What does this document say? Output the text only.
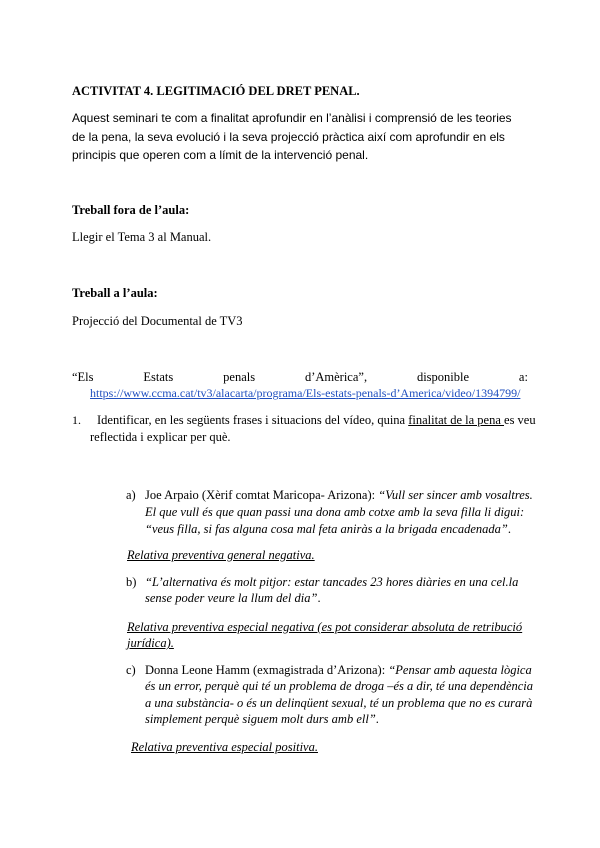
ACTIVITAT 4. LEGITIMACIÓ DEL DRET PENAL.
Aquest seminari te com a finalitat aprofundir en l’anàlisi i comprensió de les teories
de la pena, la seva evolució i la seva projecció pràctica així com aprofundir en els
principis que operen com a límit de la intervenció penal.
Treball fora de l’aula:
Llegir el Tema 3 al Manual.
Treball a l’aula:
Projecció del Documental de TV3
“Els	Estats	penals	d’Amèrica”,	disponible	a:
https://www.ccma.cat/tv3/alacarta/programa/Els-estats-penals-d’America/video/1394799/
1. Identificar, en les següents frases i situacions del vídeo, quina finalitat de la pena es veu
reflectida i explicar per què.
a) Joe Arpaio (Xèrif comtat Maricopa- Arizona): “Vull ser sincer amb vosaltres.
El que vull és que quan passi una dona amb cotxe amb la seva filla li digui:
“veus filla, si fas alguna cosa mal feta aniràs a la brigada encadenada”.
Relativa preventiva general negativa.
b) “L’alternativa és molt pitjor: estar tancades 23 hores diàries en una cel.la
sense poder veure la llum del dia”.
Relativa preventiva especial negativa (es pot considerar absoluta de retribució
jurídica).
c) Donna Leone Hamm (exmagistrada d’Arizona): “Pensar amb aquesta lògica
és un error, perquè qui té un problema de droga –és a dir, té una dependència
a una substància- o és un delinqüent sexual, té un problema que no es curarà
simplement perquè siguem molt durs amb ell”.
Relativa preventiva especial positiva.
